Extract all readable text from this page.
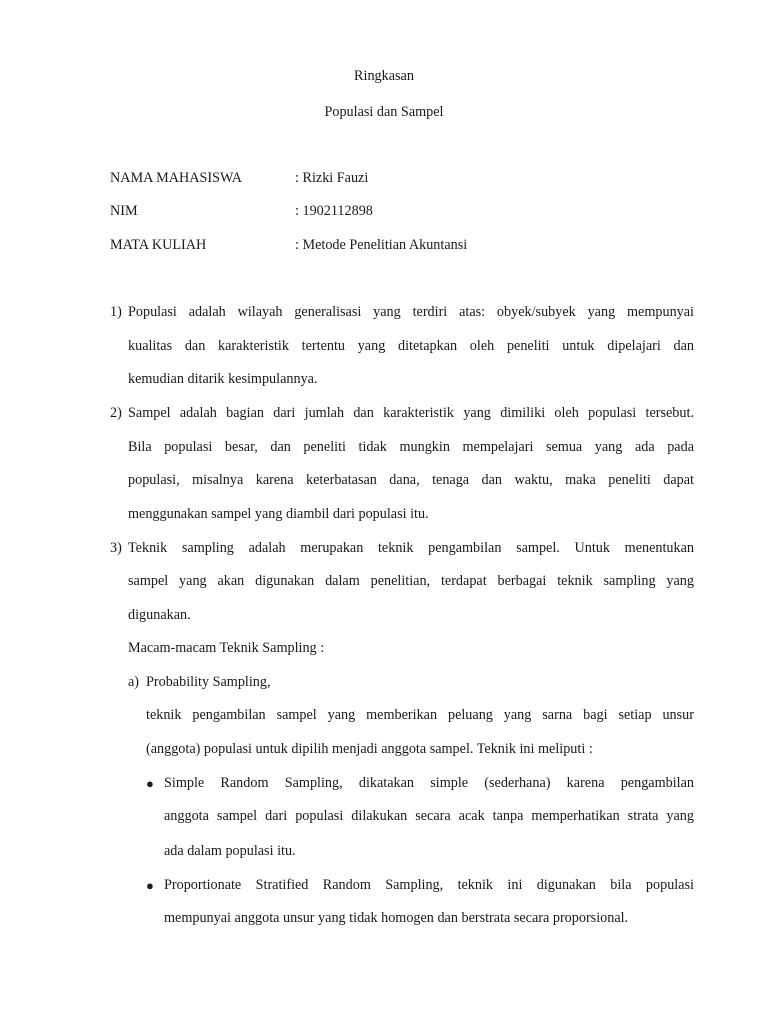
Ringkasan
Populasi dan Sampel
NAMA MAHASISWA	: Rizki Fauzi
NIM	: 1902112898
MATA KULIAH	: Metode Penelitian Akuntansi
1) Populasi adalah wilayah generalisasi yang terdiri atas: obyek/subyek yang mempunyai
kualitas dan karakteristik tertentu yang ditetapkan oleh peneliti untuk dipelajari dan
kemudian ditarik kesimpulannya.
2) Sampel adalah bagian dari jumlah dan karakteristik yang dimiliki oleh populasi tersebut.
Bila populasi besar, dan peneliti tidak mungkin mempelajari semua yang ada pada
populasi, misalnya karena keterbatasan dana, tenaga dan waktu, maka peneliti dapat
menggunakan sampel yang diambil dari populasi itu.
3) Teknik sampling adalah merupakan teknik pengambilan sampel. Untuk menentukan
sampel yang akan digunakan dalam penelitian, terdapat berbagai teknik sampling yang
digunakan.
Macam-macam Teknik Sampling :
a) Probability Sampling,
teknik pengambilan sampel yang memberikan peluang yang sarna bagi setiap unsur
(anggota) populasi untuk dipilih menjadi anggota sampel. Teknik ini meliputi :
● Simple Random Sampling, dikatakan simple (sederhana) karena pengambilan
anggota sampel dari populasi dilakukan secara acak tanpa memperhatikan strata yang
ada dalam populasi itu.
● Proportionate Stratified Random Sampling, teknik ini digunakan bila populasi
mempunyai anggota unsur yang tidak homogen dan berstrata secara proporsional.
